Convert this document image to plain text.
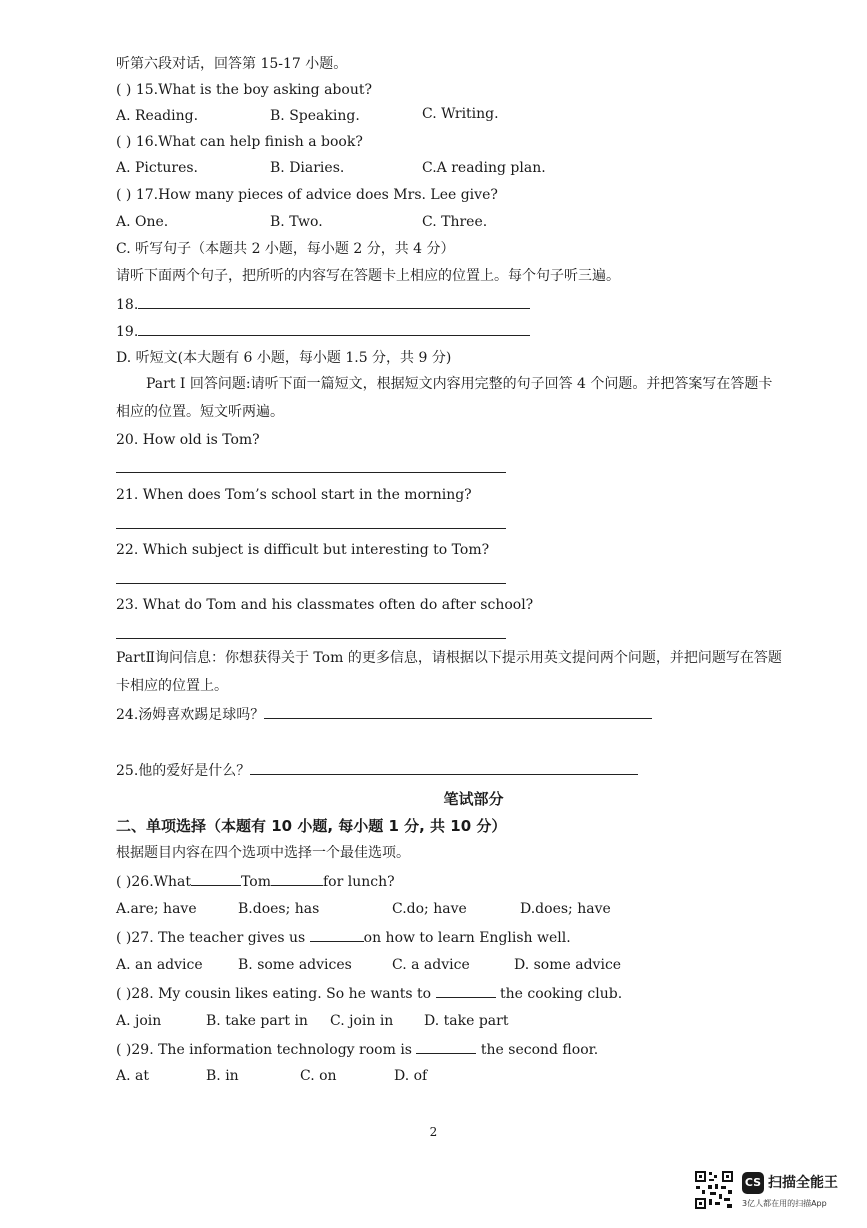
听第六段对话，回答第 15-17 小题。
( ) 15.What is the boy asking about?
A. Reading.	B. Speaking.	C. Writing.
( ) 16.What can help finish a book?
A. Pictures.	B. Diaries.	C.A reading plan.
( ) 17.How many pieces of advice does Mrs. Lee give?
A. One.	B. Two.	C. Three.
C. 听写句子（本题共 2 小题，每小题 2 分，共 4 分）
请听下面两个句子，把所听的内容写在答题卡上相应的位置上。每个句子听三遍。
18.
19.
D. 听短文(本大题有 6 小题，每小题 1.5 分，共 9 分)
Part Ⅰ 回答问题:请听下面一篇短文，根据短文内容用完整的句子回答 4 个问题。并把答案写在答题卡
相应的位置。短文听两遍。
20. How old is Tom?
21. When does Tom’s school start in the morning?
22. Which subject is difficult but interesting to Tom?
23. What do Tom and his classmates often do after school?
PartⅡ询问信息：你想获得关于 Tom 的更多信息，请根据以下提示用英文提问两个问题，并把问题写在答题
卡相应的位置上。
24.汤姆喜欢踢足球吗？
25.他的爱好是什么？
笔试部分
二、单项选择（本题有 10 小题, 每小题 1 分, 共 10 分）
根据题目内容在四个选项中选择一个最佳选项。
( )26.What	Tom	for lunch?
A.are; have	B.does; has	C.do; have	D.does; have
( )27. The teacher gives us	on how to learn English well.
A. an advice	B. some advices	C. a advice	D. some advice
( )28. My cousin likes eating. So he wants to	the cooking club.
A. join	B. take part in C. join in D. take part
( )29. The information technology room is	the second floor.
A. at	B. in	C. on	D. of
2
CS 扫描全能王
3亿人都在用的扫描App
